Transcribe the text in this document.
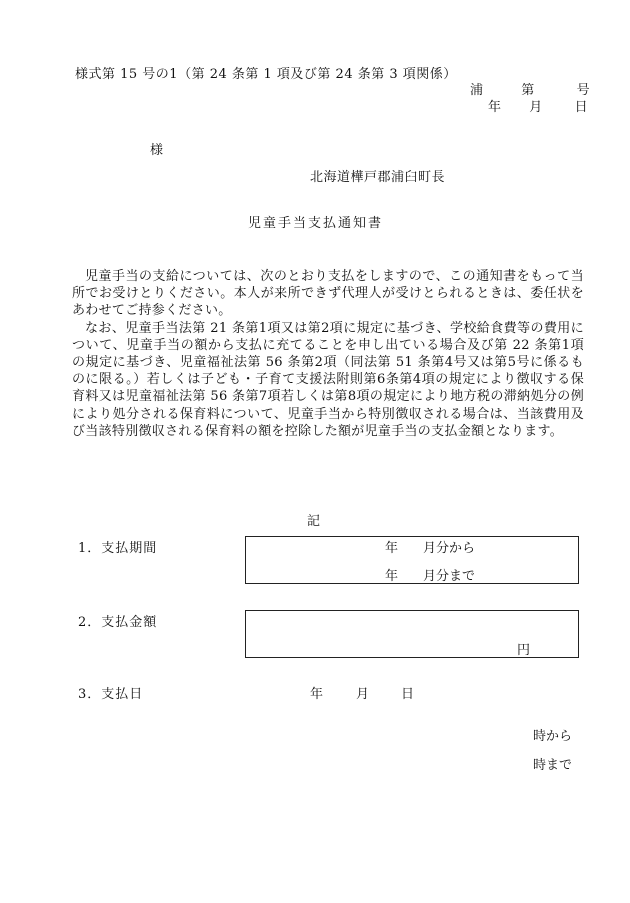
様式第 15 号の1（第 24 条第 1 項及び第 24 条第 3 項関係）
浦	第	号
年 月 日
様
北海道樺戸郡浦臼町長
児童手当支払通知書

児童手当の支給については、次のとおり支払をしますので、この通知書をもって当所でお受けとりください。本人が来所できず代理人が受けとられるときは、委任状をあわせてご持参ください。

なお、児童手当法第 21 条第1項又は第2項に規定に基づき、学校給食費等の費用について、児童手当の額から支払に充てることを申し出ている場合及び第 22 条第1項の規定に基づき、児童福祉法第 56 条第2項（同法第 51 条第4号又は第5号に係るものに限る。）若しくは子ども・子育て支援法附則第6条第4項の規定により徴収する保育料又は児童福祉法第 56 条第7項若しくは第8項の規定により地方税の滞納処分の例により処分される保育料について、児童手当から特別徴収される場合は、当該費用及び当該特別徴収される保育料の額を控除した額が児童手当の支払金額となります。

記
1．支払期間	年 月分から
年 月分まで
2．支払金額
円
3．支払日	年	月 日
時から
時まで
